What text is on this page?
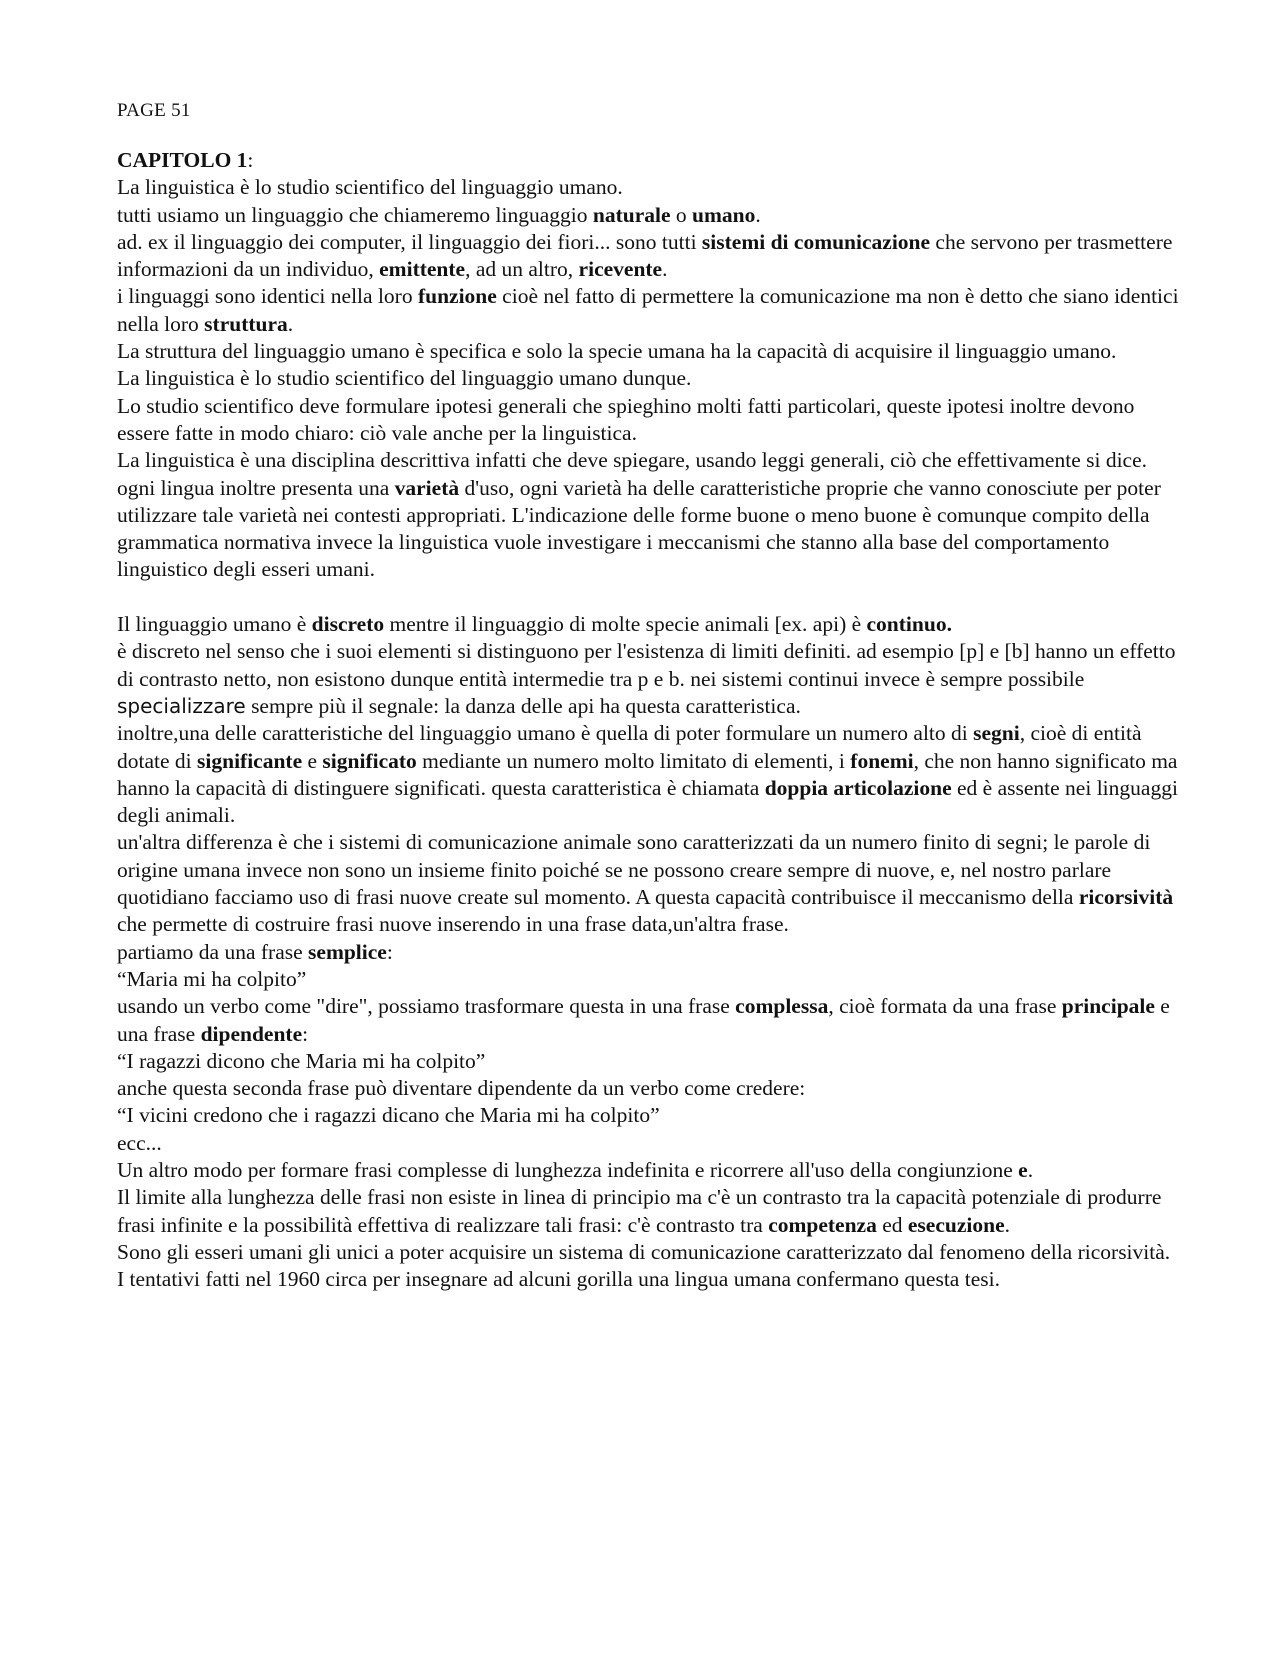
PAGE 51

CAPITOLO 1:

La linguistica è lo studio scientifico del linguaggio umano.

tutti usiamo un linguaggio che chiameremo linguaggio naturale o umano.

ad. ex il linguaggio dei computer, il linguaggio dei fiori... sono tutti sistemi di comunicazione che servono per trasmettere informazioni da un individuo, emittente, ad un altro, ricevente.

i linguaggi sono identici nella loro funzione cioè nel fatto di permettere la comunicazione ma non è detto che siano identici nella loro struttura.

La struttura del linguaggio umano è specifica e solo la specie umana ha la capacità di acquisire il linguaggio umano.

La linguistica è lo studio scientifico del linguaggio umano dunque.

Lo studio scientifico deve formulare ipotesi generali che spieghino molti fatti particolari, queste ipotesi inoltre devono essere fatte in modo chiaro: ciò vale anche per la linguistica.

La linguistica è una disciplina descrittiva infatti che deve spiegare, usando leggi generali, ciò che effettivamente si dice.

ogni lingua inoltre presenta una varietà d'uso, ogni varietà ha delle caratteristiche proprie che vanno conosciute per poter utilizzare tale varietà nei contesti appropriati. L'indicazione delle forme buone o meno buone è comunque compito della grammatica normativa invece la linguistica vuole investigare i meccanismi che stanno alla base del comportamento linguistico degli esseri umani.

Il linguaggio umano è discreto mentre il linguaggio di molte specie animali [ex. api) è continuo.

è discreto nel senso che i suoi elementi si distinguono per l'esistenza di limiti definiti. ad esempio [p] e [b] hanno un effetto di contrasto netto, non esistono dunque entità intermedie tra p e b. nei sistemi continui invece è sempre possibile specializzare sempre più il segnale: la danza delle api ha questa caratteristica.

inoltre,una delle caratteristiche del linguaggio umano è quella di poter formulare un numero alto di segni, cioè di entità dotate di significante e significato mediante un numero molto limitato di elementi, i fonemi, che non hanno significato ma hanno la capacità di distinguere significati. questa caratteristica è chiamata doppia articolazione ed è assente nei linguaggi degli animali.

un'altra differenza è che i sistemi di comunicazione animale sono caratterizzati da un numero finito di segni; le parole di origine umana invece non sono un insieme finito poiché se ne possono creare sempre di nuove, e, nel nostro parlare quotidiano facciamo uso di frasi nuove create sul momento. A questa capacità contribuisce il meccanismo della ricorsività che permette di costruire frasi nuove inserendo in una frase data,un'altra frase.

partiamo da una frase semplice:

“Maria mi ha colpito”

usando un verbo come "dire", possiamo trasformare questa in una frase complessa, cioè formata da una frase principale e una frase dipendente:

“I ragazzi dicono che Maria mi ha colpito”

anche questa seconda frase può diventare dipendente da un verbo come credere:

“I vicini credono che i ragazzi dicano che Maria mi ha colpito”

ecc...

Un altro modo per formare frasi complesse di lunghezza indefinita e ricorrere all'uso della congiunzione e.

Il limite alla lunghezza delle frasi non esiste in linea di principio ma c'è un contrasto tra la capacità potenziale di produrre frasi infinite e la possibilità effettiva di realizzare tali frasi: c'è contrasto tra competenza ed esecuzione.

Sono gli esseri umani gli unici a poter acquisire un sistema di comunicazione caratterizzato dal fenomeno della ricorsività. I tentativi fatti nel 1960 circa per insegnare ad alcuni gorilla una lingua umana confermano questa tesi.
